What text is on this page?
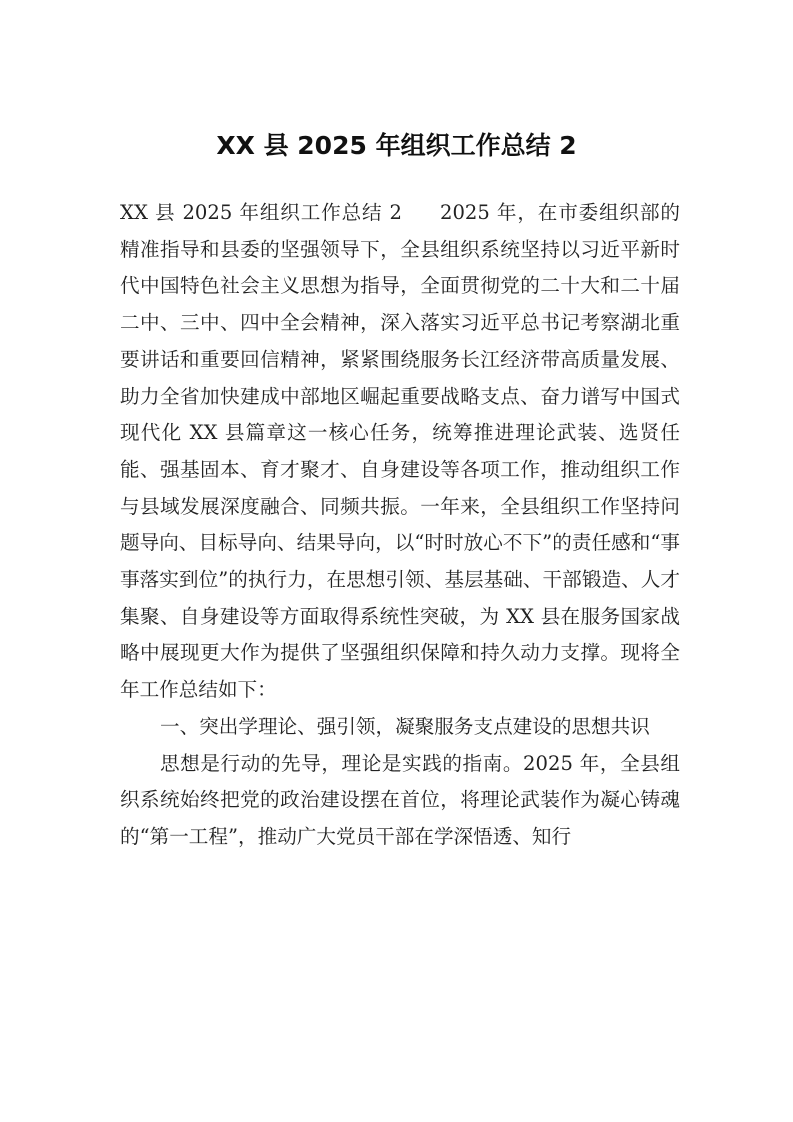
XX 县 2025 年组织工作总结 2

XX 县 2025 年组织工作总结 2 2025 年，在市委组织部的精准指导和县委的坚强领导下，全县组织系统坚持以习近平新时代中国特色社会主义思想为指导，全面贯彻党的二十大和二十届二中、三中、四中全会精神，深入落实习近平总书记考察湖北重要讲话和重要回信精神，紧紧围绕服务长江经济带高质量发展、助力全省加快建成中部地区崛起重要战略支点、奋力谱写中国式现代化 XX 县篇章这一核心任务，统筹推进理论武装、选贤任能、强基固本、育才聚才、自身建设等各项工作，推动组织工作与县域发展深度融合、同频共振。一年来，全县组织工作坚持问题导向、目标导向、结果导向，以“时时放心不下”的责任感和“事事落实到位”的执行力，在思想引领、基层基础、干部锻造、人才集聚、自身建设等方面取得系统性突破，为 XX 县在服务国家战略中展现更大作为提供了坚强组织保障和持久动力支撑。现将全年工作总结如下：

一、突出学理论、强引领，凝聚服务支点建设的思想共识

思想是行动的先导，理论是实践的指南。2025 年，全县组织系统始终把党的政治建设摆在首位，将理论武装作为凝心铸魂的“第一工程”，推动广大党员干部在学深悟透、知行
